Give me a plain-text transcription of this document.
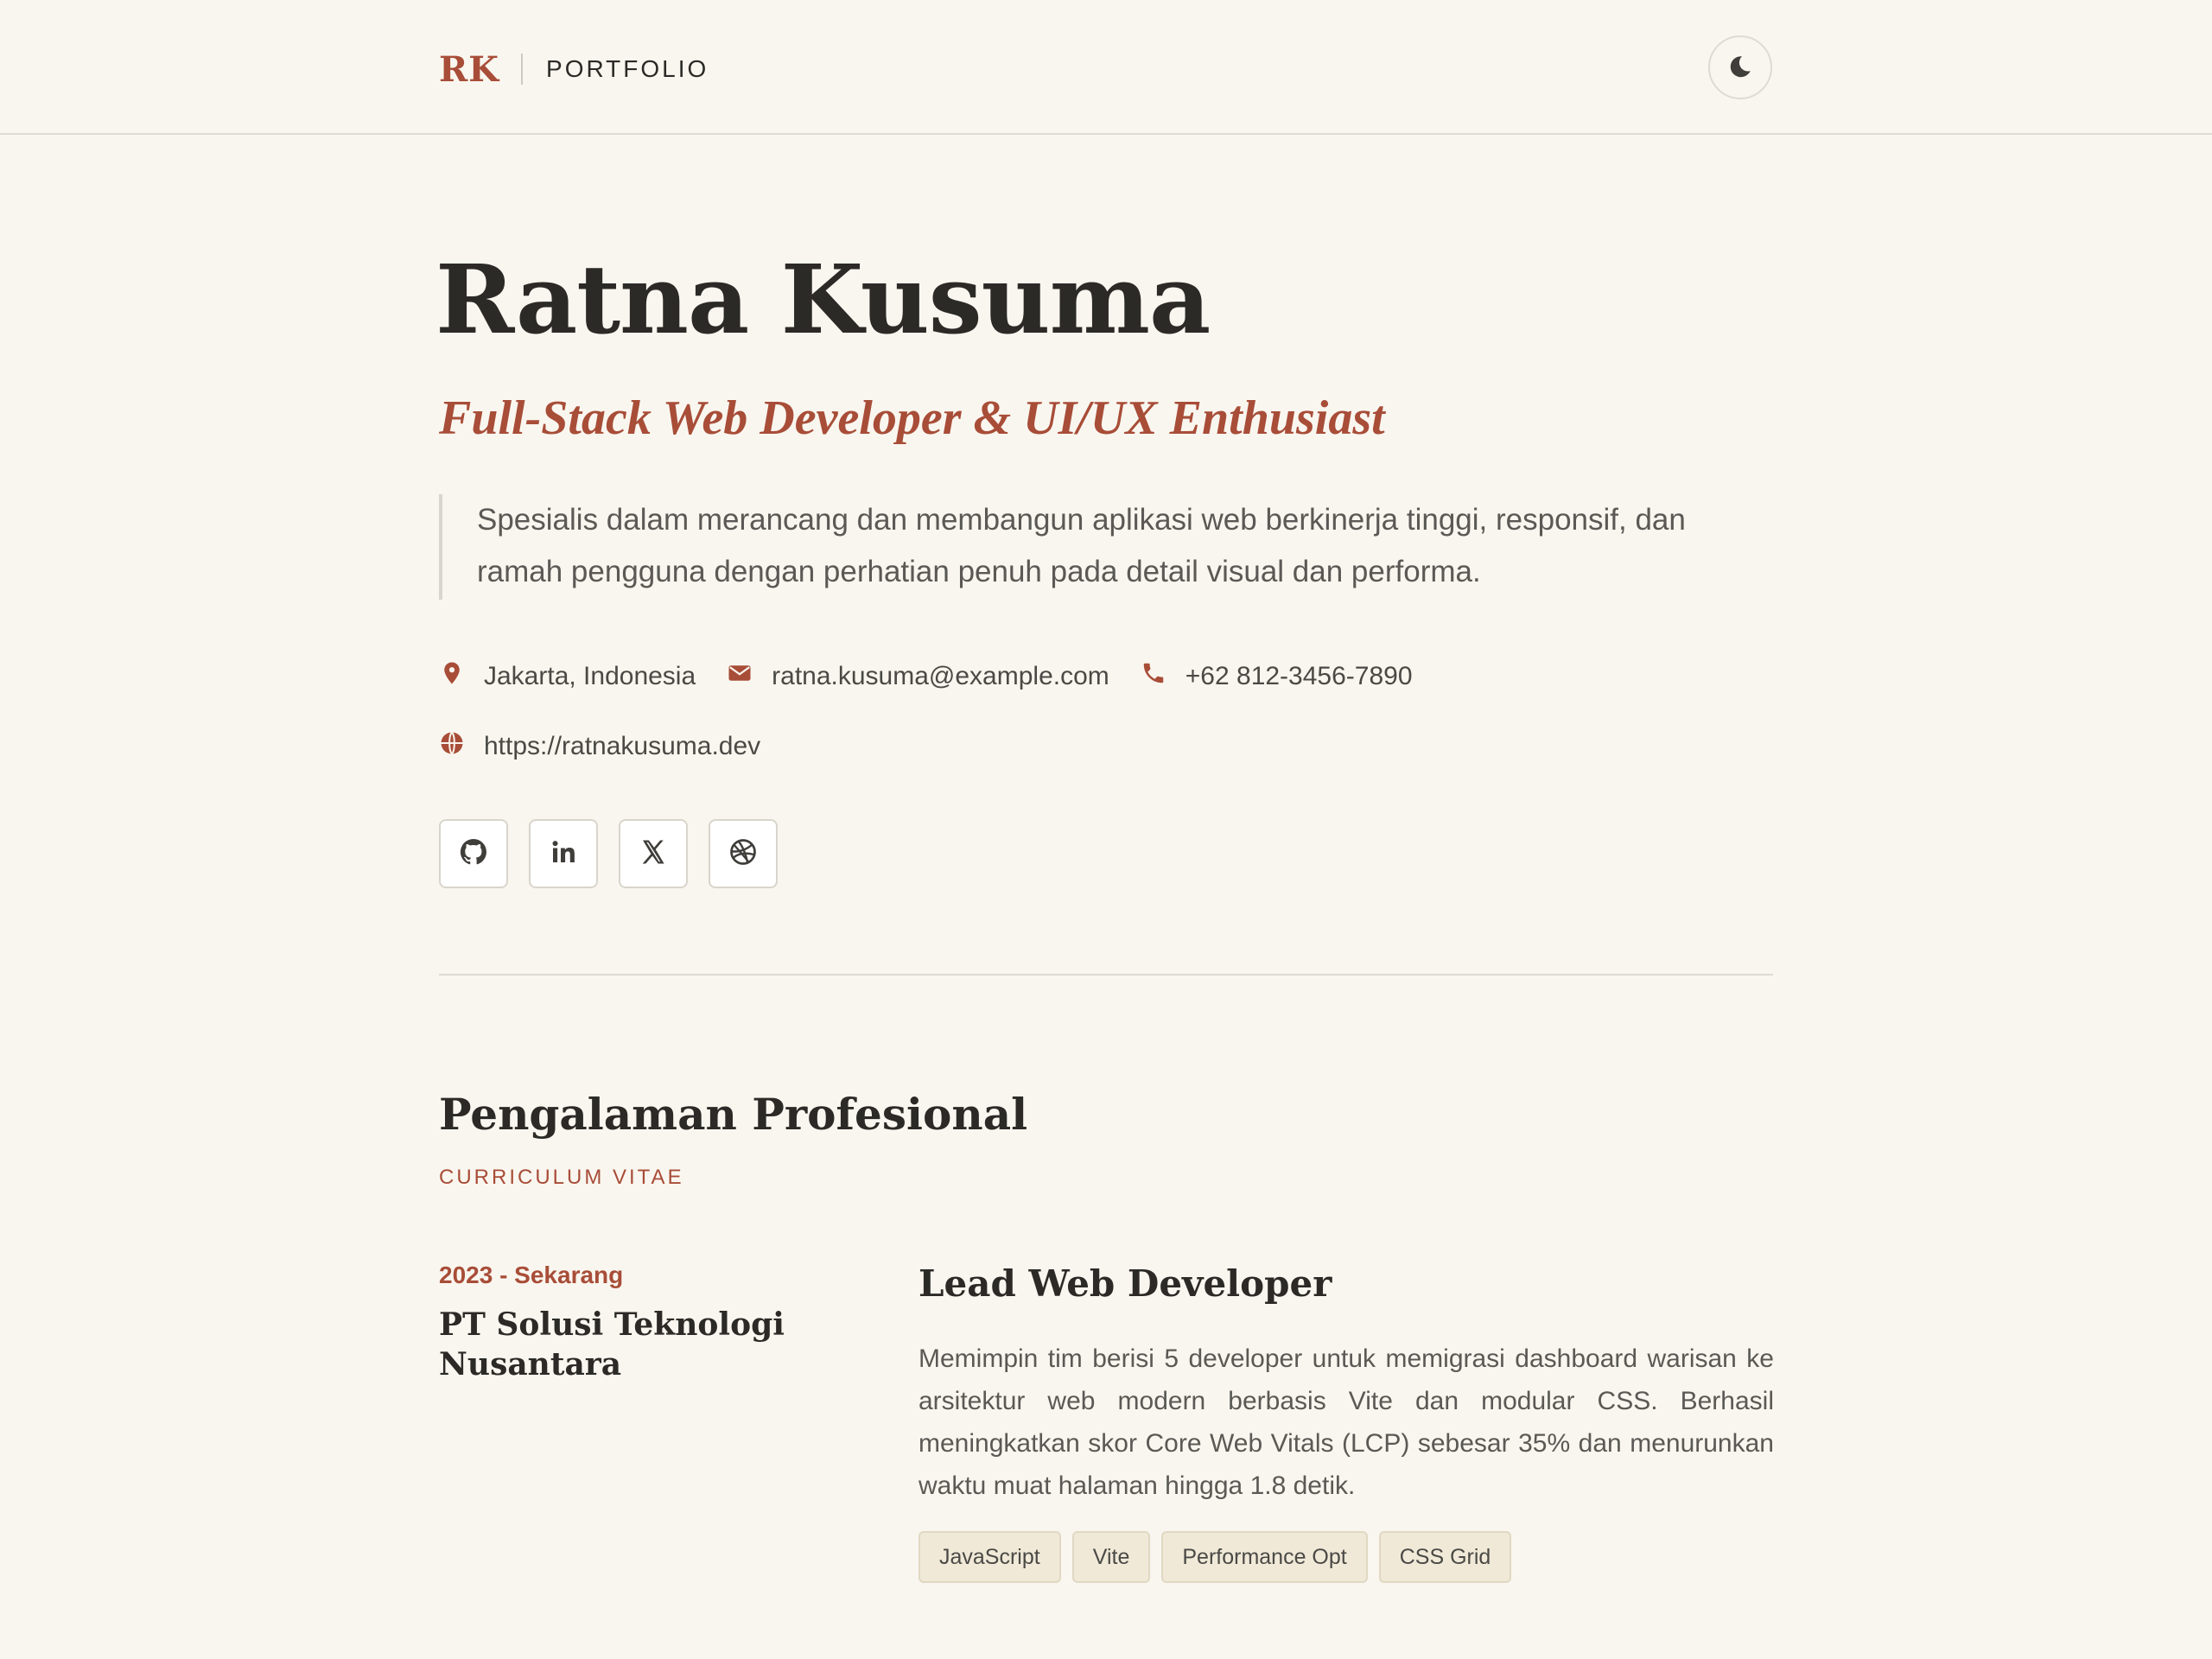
RK PORTFOLIO
Ratna Kusuma
Full-Stack Web Developer & UI/UX Enthusiast
Spesialis dalam merancang dan membangun aplikasi web berkinerja tinggi, responsif, dan ramah pengguna dengan perhatian penuh pada detail visual dan performa.
Jakarta, Indonesia	ratna.kusuma@example.com	+62 812-3456-7890
https://ratnakusuma.dev
Pengalaman Profesional
CURRICULUM VITAE
2023 - Sekarang
PT Solusi Teknologi Nusantara
Lead Web Developer

Memimpin tim berisi 5 developer untuk memigrasi dashboard warisan ke arsitektur web modern berbasis Vite dan modular CSS. Berhasil meningkatkan skor Core Web Vitals (LCP) sebesar 35% dan menurunkan waktu muat halaman hingga 1.8 detik.

JavaScript	Vite	Performance Opt	CSS Grid
